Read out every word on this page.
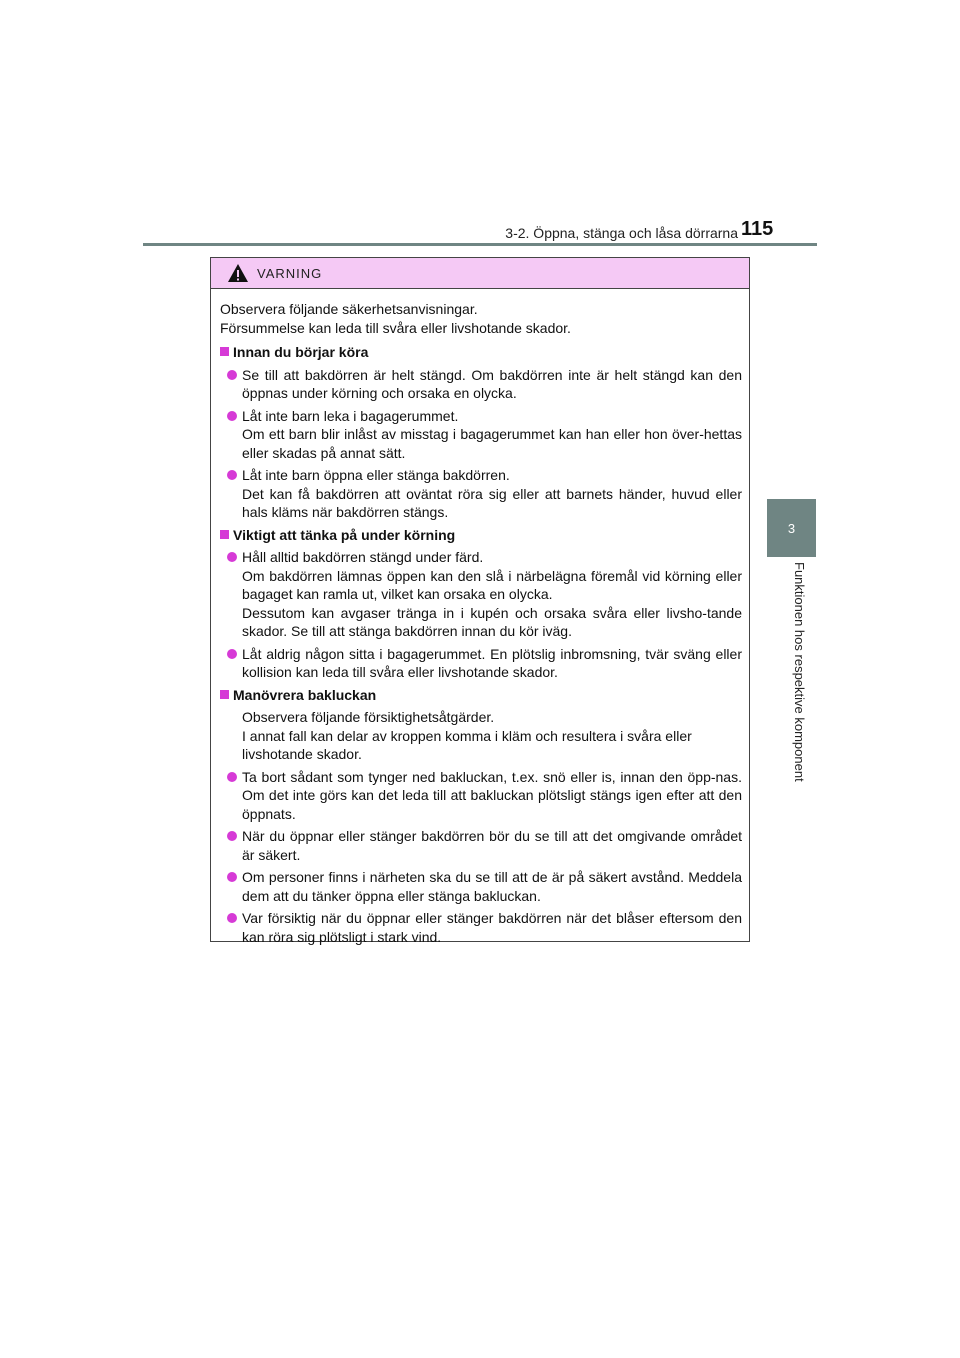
3-2. Öppna, stänga och låsa dörrarna 115
3
Funktionen hos respektive komponent
VARNING
Observera följande säkerhetsanvisningar.
Försummelse kan leda till svåra eller livshotande skador.
Innan du börjar köra
Se till att bakdörren är helt stängd. Om bakdörren inte är helt stängd kan den öppnas under körning och orsaka en olycka.
Låt inte barn leka i bagagerummet.
Om ett barn blir inlåst av misstag i bagagerummet kan han eller hon över-hettas eller skadas på annat sätt.
Låt inte barn öppna eller stänga bakdörren.
Det kan få bakdörren att oväntat röra sig eller att barnets händer, huvud eller hals kläms när bakdörren stängs.
Viktigt att tänka på under körning
Håll alltid bakdörren stängd under färd.
Om bakdörren lämnas öppen kan den slå i närbelägna föremål vid körning eller bagaget kan ramla ut, vilket kan orsaka en olycka.
Dessutom kan avgaser tränga in i kupén och orsaka svåra eller livsho-tande skador. Se till att stänga bakdörren innan du kör iväg.
Låt aldrig någon sitta i bagagerummet. En plötslig inbromsning, tvär sväng eller kollision kan leda till svåra eller livshotande skador.
Manövrera bakluckan
Observera följande försiktighetsåtgärder.
I annat fall kan delar av kroppen komma i kläm och resultera i svåra eller livshotande skador.
Ta bort sådant som tynger ned bakluckan, t.ex. snö eller is, innan den öpp-nas. Om det inte görs kan det leda till att bakluckan plötsligt stängs igen efter att den öppnats.
När du öppnar eller stänger bakdörren bör du se till att det omgivande området är säkert.
Om personer finns i närheten ska du se till att de är på säkert avstånd. Meddela dem att du tänker öppna eller stänga bakluckan.
Var försiktig när du öppnar eller stänger bakdörren när det blåser eftersom den kan röra sig plötsligt i stark vind.
